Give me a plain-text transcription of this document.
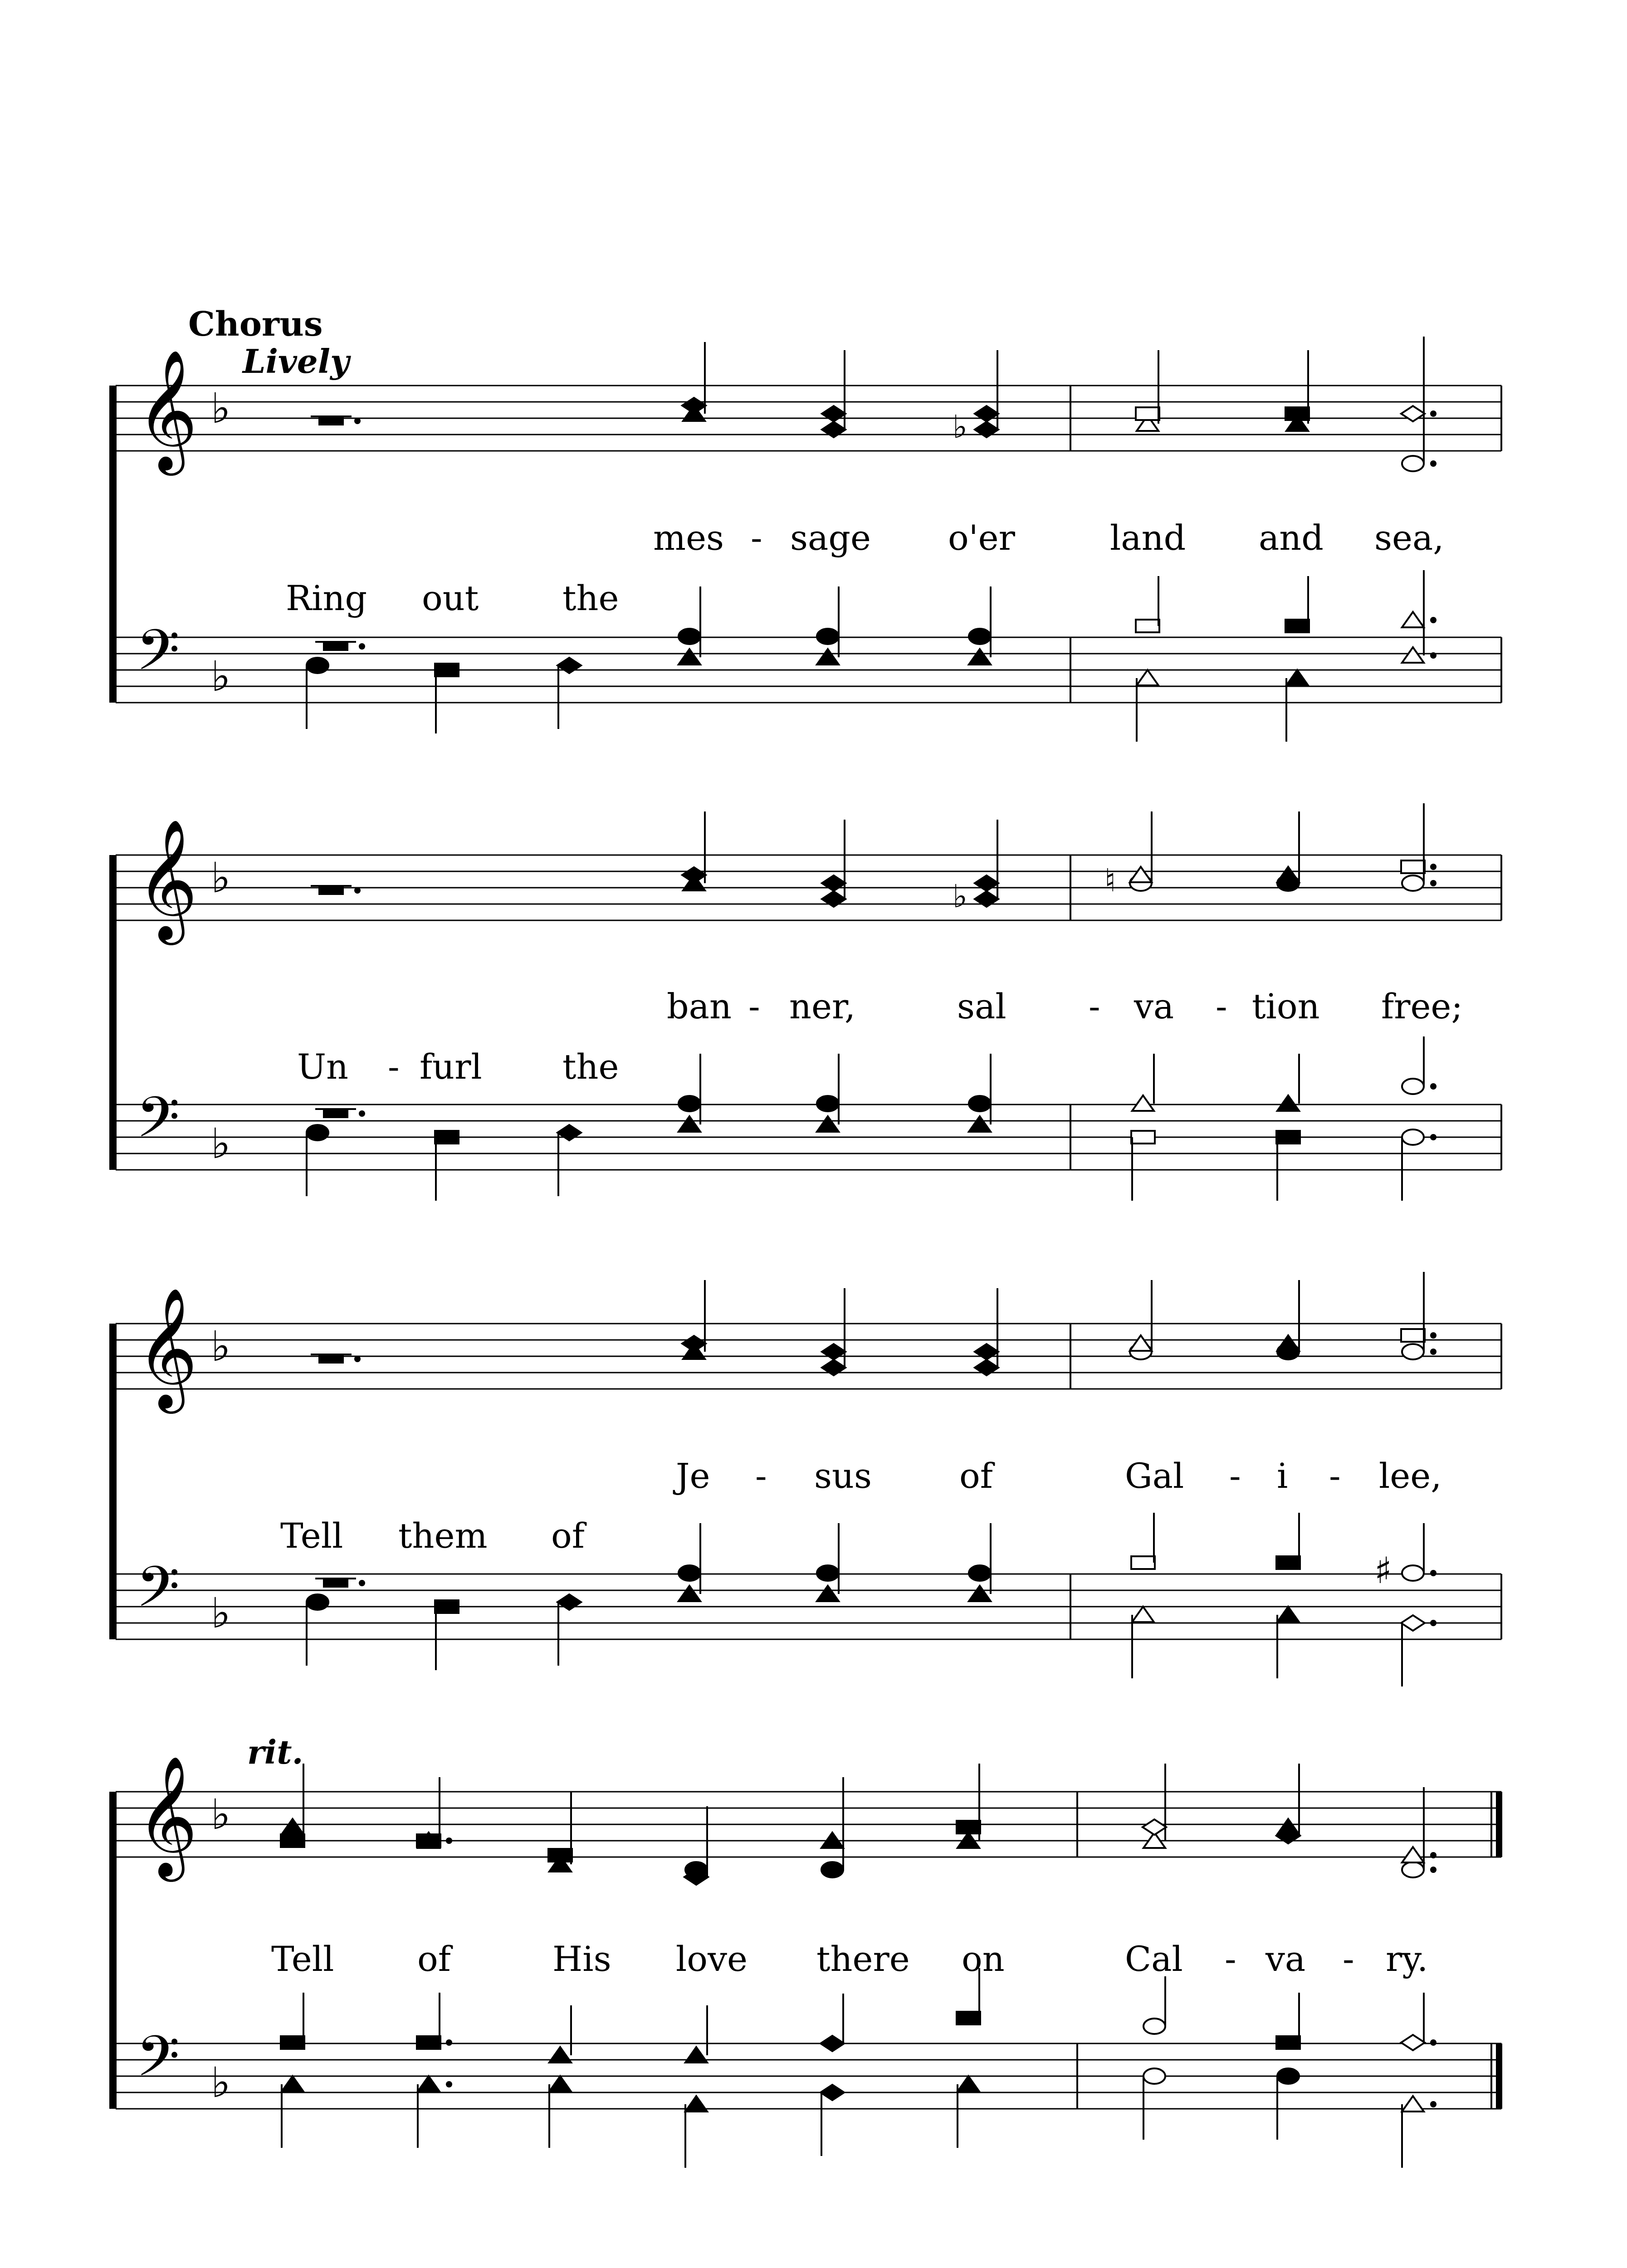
𝄞 ♭
𝄢 ♭
𝄞 ♭
𝄢 ♭
𝄞 ♭
𝄢 ♭
𝄞 ♭
𝄢 ♭
♭
♭	♮
♯
Chorus
Lively
rit.
mes - sage o'er	land and sea,
Ring out the
ban - ner,	sal - va - tion free;
Un - furl the
Je - sus	of	Gal - i - lee,
Tell them of
Tell of	His love there on	Cal - va - ry.
